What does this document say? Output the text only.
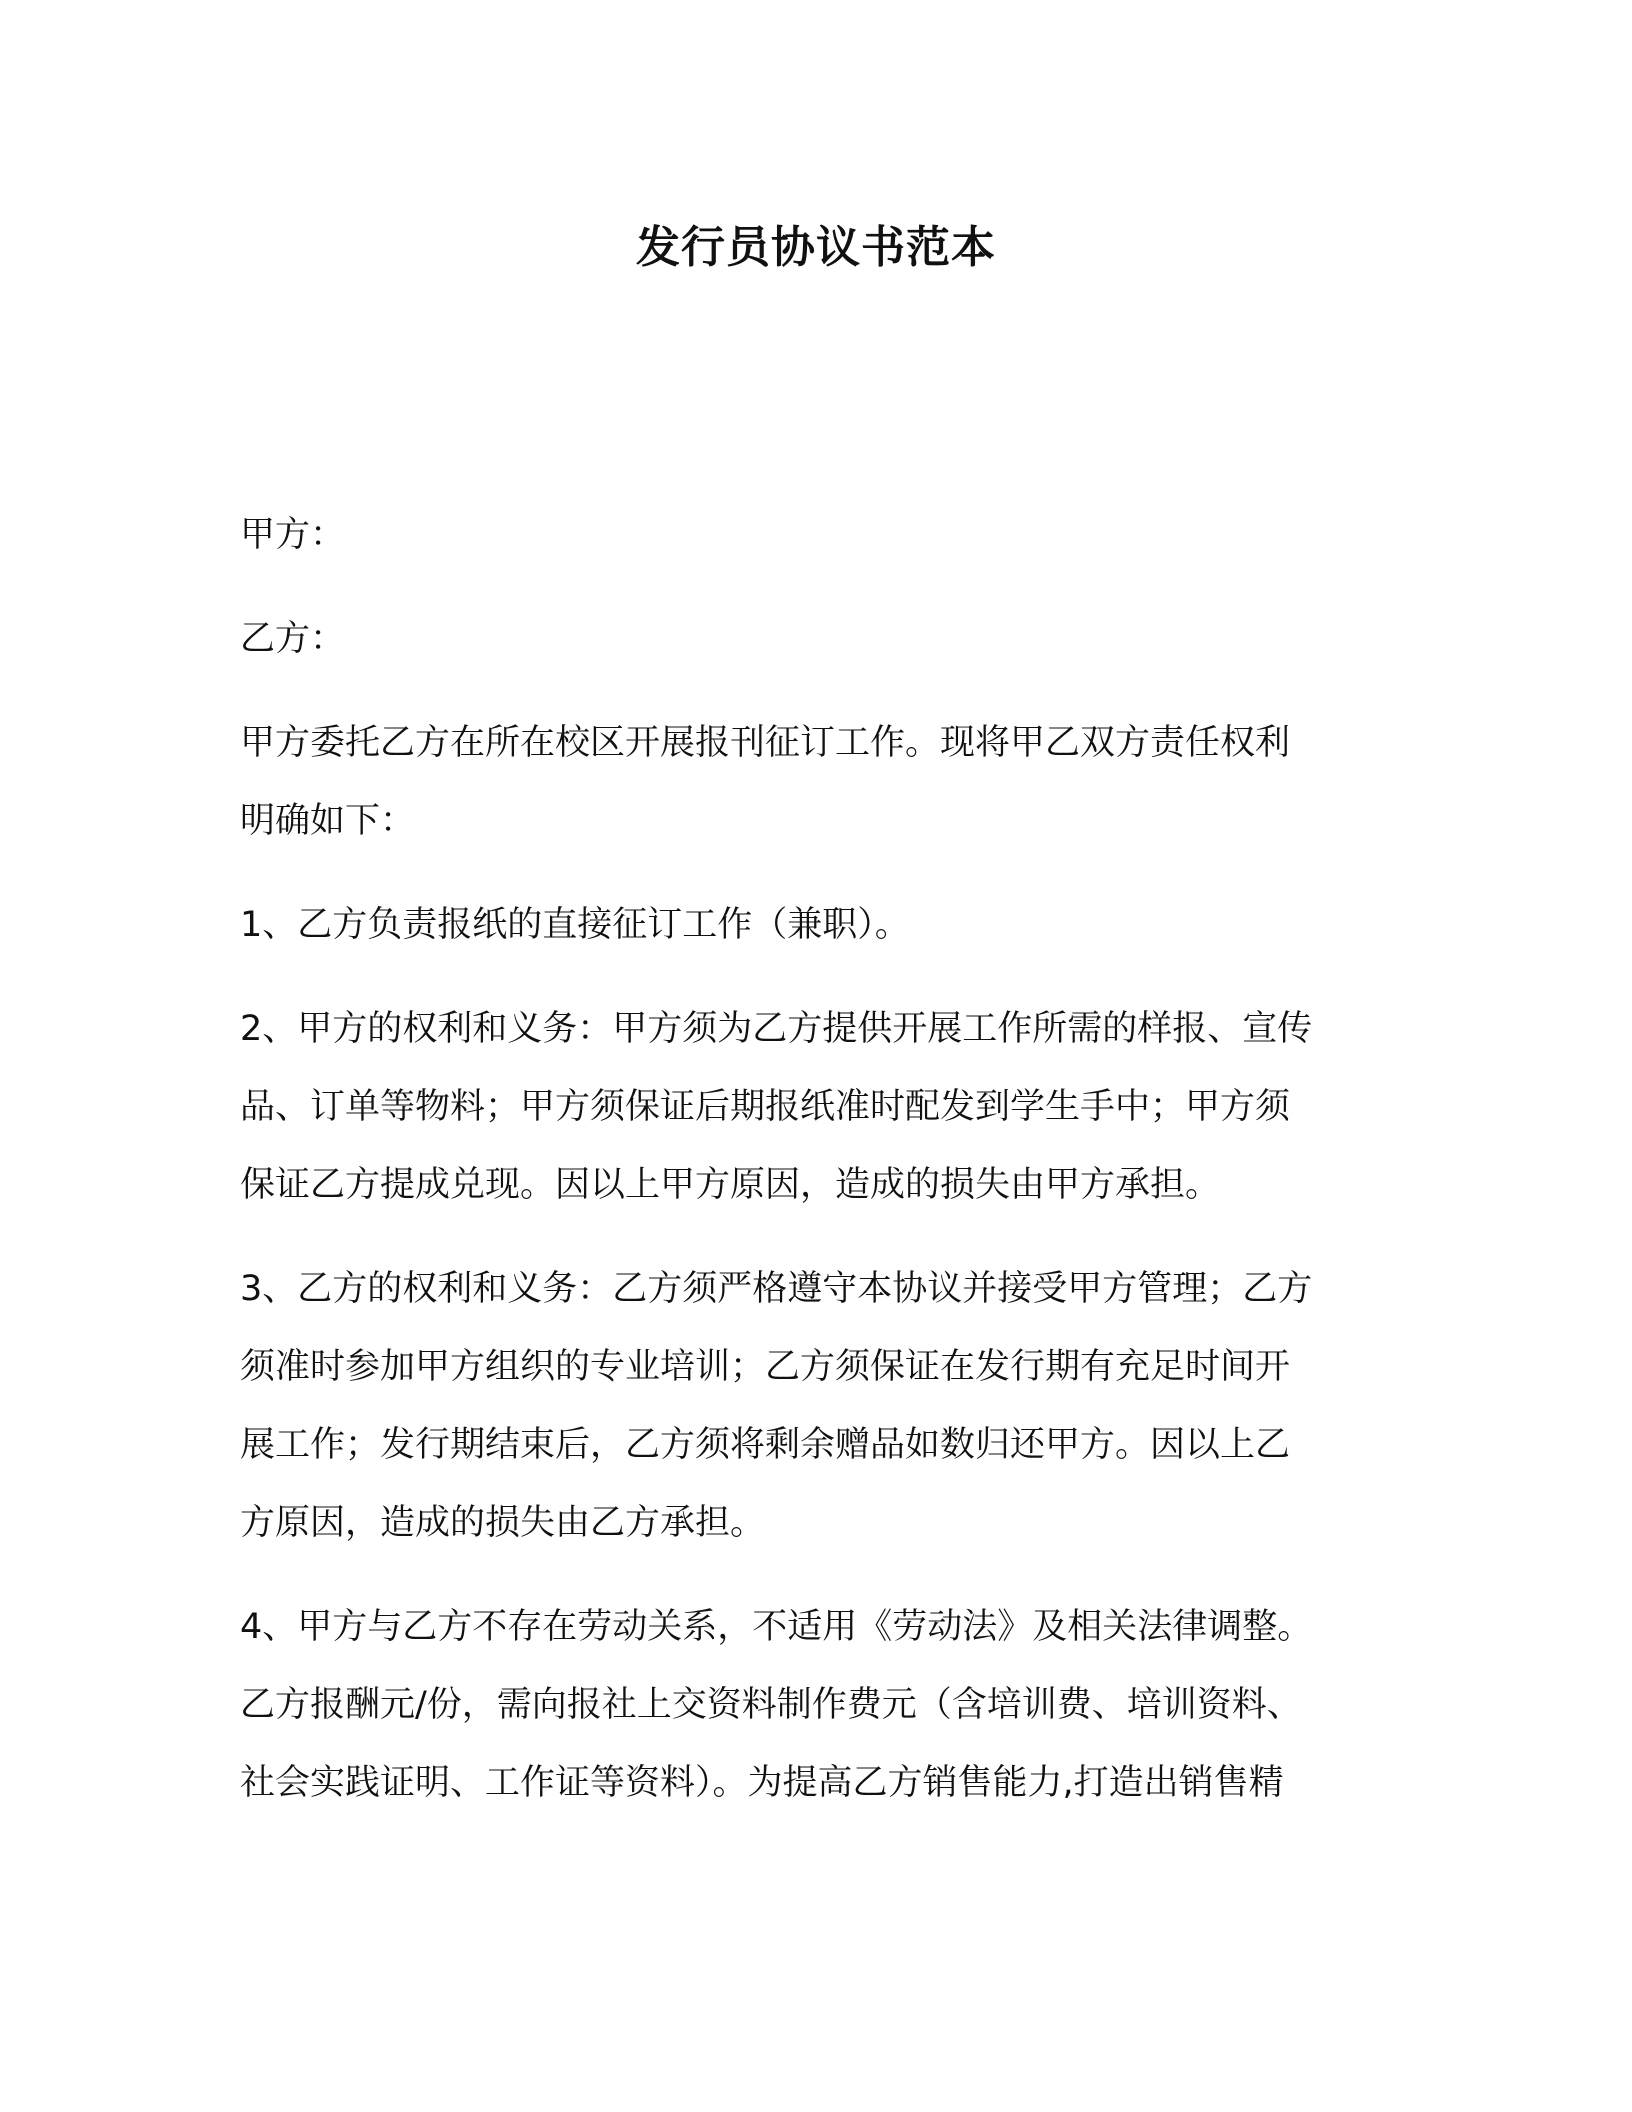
发行员协议书范本
甲方：
乙方：
甲方委托乙方在所在校区开展报刊征订工作。现将甲乙双方责任权利
明确如下：
1、乙方负责报纸的直接征订工作（兼职）。
2、甲方的权利和义务：甲方须为乙方提供开展工作所需的样报、宣传
品、订单等物料；甲方须保证后期报纸准时配发到学生手中；甲方须
保证乙方提成兑现。因以上甲方原因，造成的损失由甲方承担。
3、乙方的权利和义务：乙方须严格遵守本协议并接受甲方管理；乙方
须准时参加甲方组织的专业培训；乙方须保证在发行期有充足时间开
展工作；发行期结束后，乙方须将剩余赠品如数归还甲方。因以上乙
方原因，造成的损失由乙方承担。
4、甲方与乙方不存在劳动关系，不适用《劳动法》及相关法律调整。
乙方报酬元/份，需向报社上交资料制作费元（含培训费、培训资料、
社会实践证明、工作证等资料）。为提高乙方销售能力,打造出销售精
